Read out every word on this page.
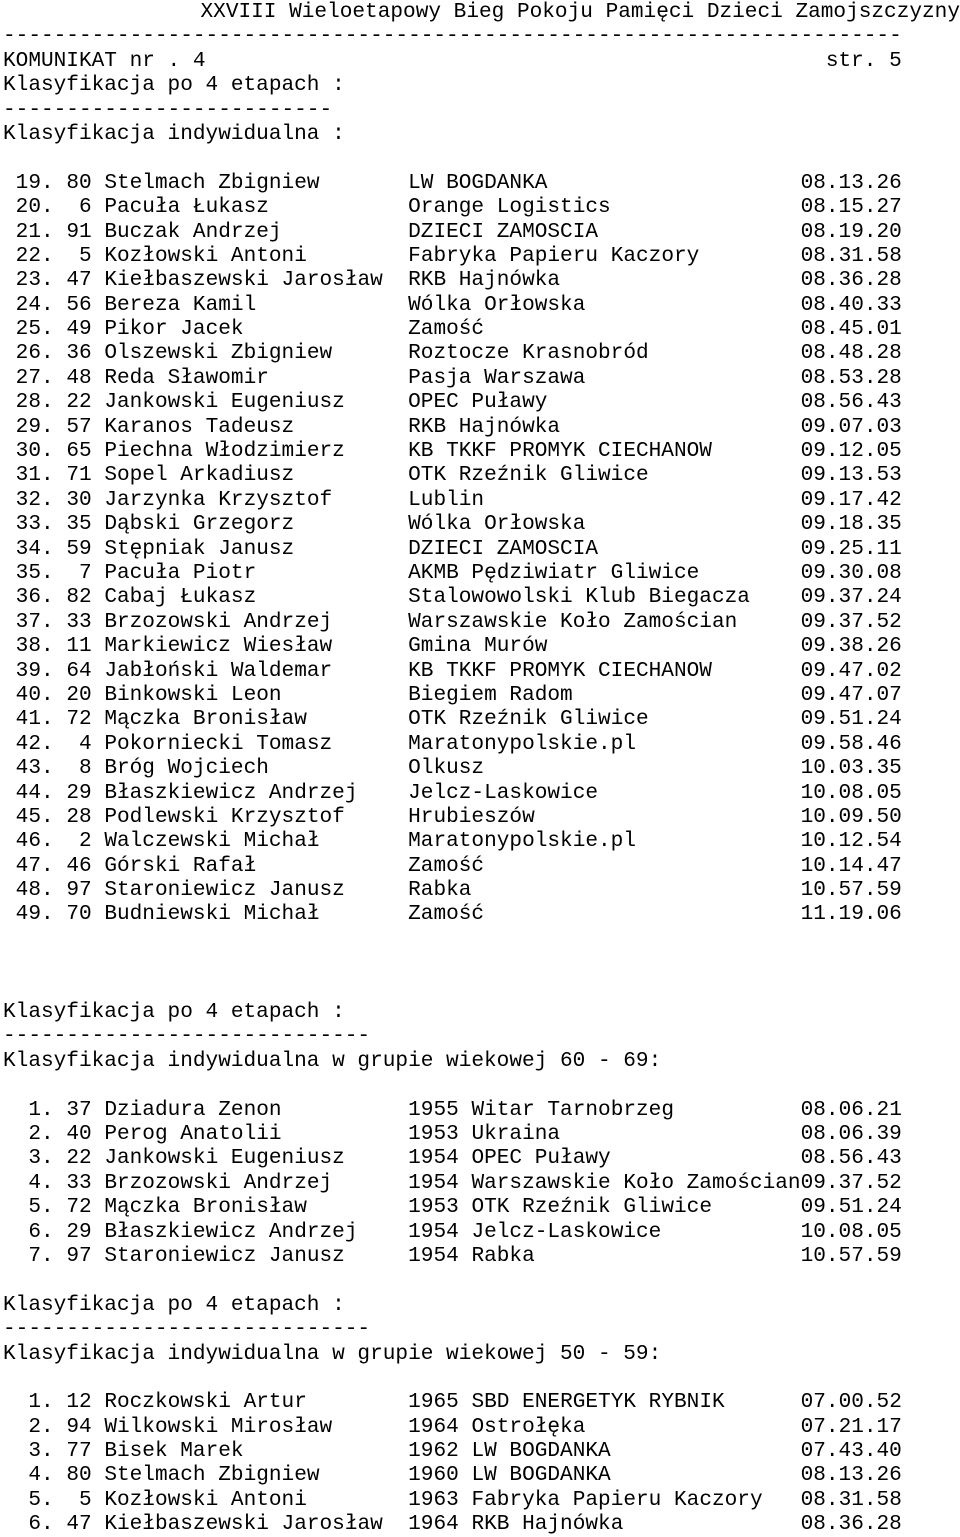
XXVIII Wieloetapowy Bieg Pokoju Pamięci Dzieci Zamojszczyzny
-----------------------------------------------------------------------
KOMUNIKAT nr . 4	str. 5
Klasyfikacja po 4 etapach :
--------------------------
Klasyfikacja indywidualna :
19. 80 Stelmach Zbigniew	LW BOGDANKA	08.13.26
20. 6 Pacuła Łukasz	Orange Logistics	08.15.27
21. 91 Buczak Andrzej	DZIECI ZAMOSCIA	08.19.20
22. 5 Kozłowski Antoni	Fabryka Papieru Kaczory	08.31.58
23. 47 Kiełbaszewski Jarosław RKB Hajnówka	08.36.28
24. 56 Bereza Kamil	Wólka Orłowska	08.40.33
25. 49 Pikor Jacek	Zamość	08.45.01
26. 36 Olszewski Zbigniew	Roztocze Krasnobród	08.48.28
27. 48 Reda Sławomir	Pasja Warszawa	08.53.28
28. 22 Jankowski Eugeniusz	OPEC Puławy	08.56.43
29. 57 Karanos Tadeusz	RKB Hajnówka	09.07.03
30. 65 Piechna Włodzimierz	KB TKKF PROMYK CIECHANOW	09.12.05
31. 71 Sopel Arkadiusz	OTK Rzeźnik Gliwice	09.13.53
32. 30 Jarzynka Krzysztof	Lublin	09.17.42
33. 35 Dąbski Grzegorz	Wólka Orłowska	09.18.35
34. 59 Stępniak Janusz	DZIECI ZAMOSCIA	09.25.11
35. 7 Pacuła Piotr	AKMB Pędziwiatr Gliwice	09.30.08
36. 82 Cabaj Łukasz	Stalowowolski Klub Biegacza 09.37.24
37. 33 Brzozowski Andrzej	Warszawskie Koło Zamościan	09.37.52
38. 11 Markiewicz Wiesław	Gmina Murów	09.38.26
39. 64 Jabłoński Waldemar	KB TKKF PROMYK CIECHANOW	09.47.02
40. 20 Binkowski Leon	Biegiem Radom	09.47.07
41. 72 Mączka Bronisław	OTK Rzeźnik Gliwice	09.51.24
42. 4 Pokorniecki Tomasz	Maratonypolskie.pl	09.58.46
43. 8 Bróg Wojciech	Olkusz	10.03.35
44. 29 Błaszkiewicz Andrzej Jelcz-Laskowice	10.08.05
45. 28 Podlewski Krzysztof	Hrubieszów	10.09.50
46. 2 Walczewski Michał	Maratonypolskie.pl	10.12.54
47. 46 Górski Rafał	Zamość	10.14.47
48. 97 Staroniewicz Janusz	Rabka	10.57.59
49. 70 Budniewski Michał	Zamość	11.19.06
Klasyfikacja po 4 etapach :
-----------------------------
Klasyfikacja indywidualna w grupie wiekowej 60 - 69:
1. 37 Dziadura Zenon	1955 Witar Tarnobrzeg	08.06.21
2. 40 Perog Anatolii	1953 Ukraina	08.06.39
3. 22 Jankowski Eugeniusz	1954 OPEC Puławy	08.56.43
4. 33 Brzozowski Andrzej	1954 Warszawskie Koło Zamościan09.37.52
5. 72 Mączka Bronisław	1953 OTK Rzeźnik Gliwice	09.51.24
6. 29 Błaszkiewicz Andrzej 1954 Jelcz-Laskowice	10.08.05
7. 97 Staroniewicz Janusz	1954 Rabka	10.57.59
Klasyfikacja po 4 etapach :
-----------------------------
Klasyfikacja indywidualna w grupie wiekowej 50 - 59:
1. 12 Roczkowski Artur	1965 SBD ENERGETYK RYBNIK	07.00.52
2. 94 Wilkowski Mirosław	1964 Ostrołęka	07.21.17
3. 77 Bisek Marek	1962 LW BOGDANKA	07.43.40
4. 80 Stelmach Zbigniew	1960 LW BOGDANKA	08.13.26
5. 5 Kozłowski Antoni	1963 Fabryka Papieru Kaczory 08.31.58
6. 47 Kiełbaszewski Jarosław 1964 RKB Hajnówka	08.36.28
